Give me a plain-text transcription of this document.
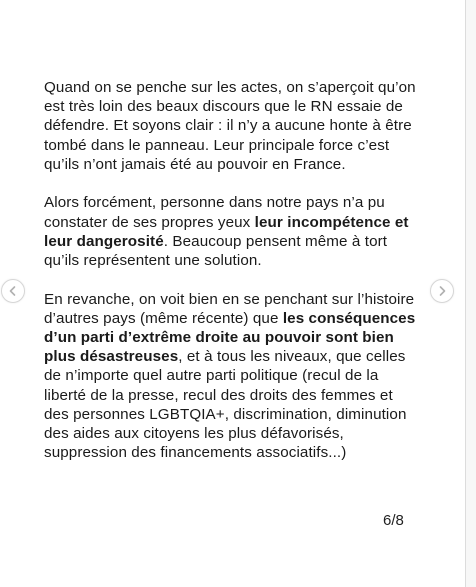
Quand on se penche sur les actes, on s’aperçoit qu’on est très loin des beaux discours que le RN essaie de défendre. Et soyons clair : il n’y a aucune honte à être tombé dans le panneau. Leur principale force c’est qu’ils n’ont jamais été au pouvoir en France.

Alors forcément, personne dans notre pays n’a pu constater de ses propres yeux leur incompétence et leur dangerosité. Beaucoup pensent même à tort qu’ils représentent une solution.

En revanche, on voit bien en se penchant sur l’histoire d’autres pays (même récente) que les conséquences d’un parti d’extrême droite au pouvoir sont bien plus désastreuses, et à tous les niveaux, que celles de n’importe quel autre parti politique (recul de la liberté de la presse, recul des droits des femmes et des personnes LGBTQIA+, discrimination, diminution des aides aux citoyens les plus défavorisés, suppression des financements associatifs...)

6/8
